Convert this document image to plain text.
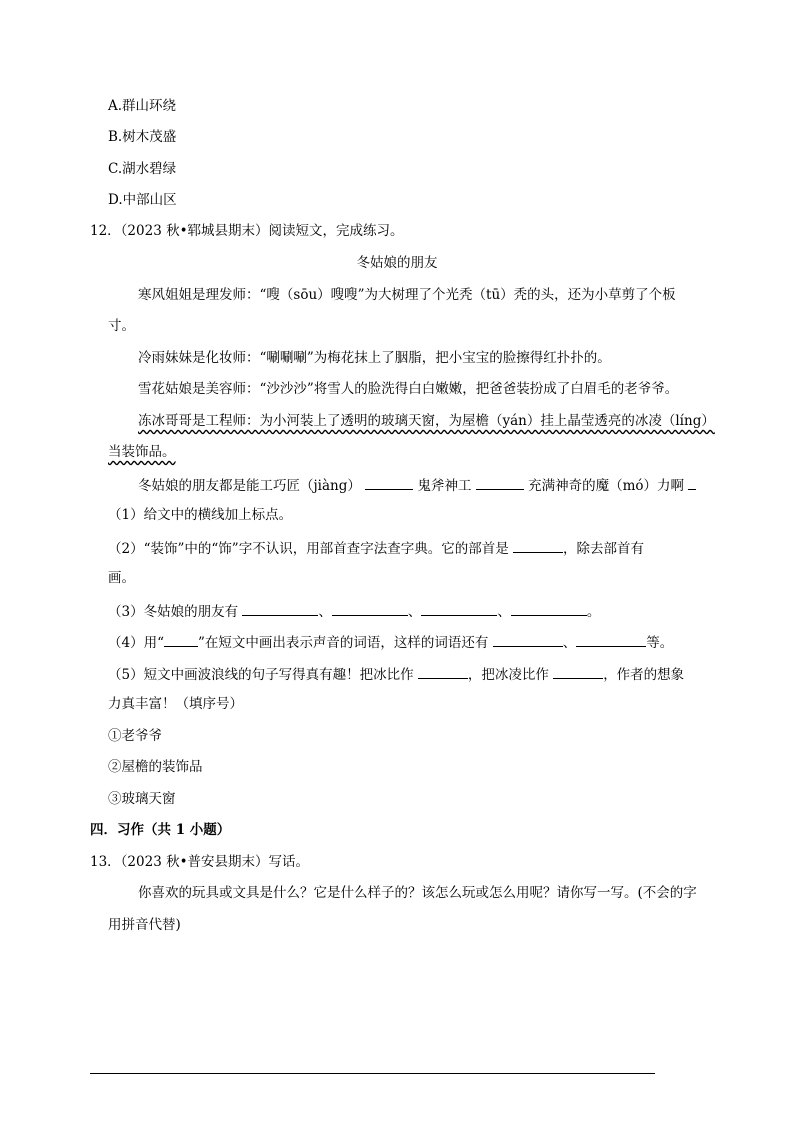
A.群山环绕
B.树木茂盛
C.湖水碧绿
D.中部山区
12．（2023 秋•郓城县期末）阅读短文，完成练习。
冬姑娘的朋友
寒风姐姐是理发师：“嗖（sōu）嗖嗖”为大树理了个光秃（tū）秃的头，还为小草剪了个板
寸。
冷雨妹妹是化妆师：“唰唰唰”为梅花抹上了胭脂，把小宝宝的脸擦得红扑扑的。
雪花姑娘是美容师：“沙沙沙”将雪人的脸洗得白白嫩嫩，把爸爸装扮成了白眉毛的老爷爷。
冻冰哥哥是工程师：为小河装上了透明的玻璃天窗，为屋檐（yán）挂上晶莹透亮的冰凌（líng）
当装饰品。
冬姑娘的朋友都是能工巧匠（jiàng）	鬼斧神工	充满神奇的魔（mó）力啊
（1）给文中的横线加上标点。
（2）“装饰”中的“饰”字不认识，用部首查字法查字典。它的部首是	，除去部首有
画。
（3）冬姑娘的朋友有	、	、	、	。
（4）用“	”在短文中画出表示声音的词语，这样的词语还有	、	等。
（5）短文中画波浪线的句子写得真有趣！把冰比作	，把冰凌比作	，作者的想象
力真丰富！（填序号）
①老爷爷
②屋檐的装饰品
③玻璃天窗
四．习作（共 1 小题）
13．（2023 秋•普安县期末）写话。
你喜欢的玩具或文具是什么？它是什么样子的？该怎么玩或怎么用呢？请你写一写。(不会的字
用拼音代替)
